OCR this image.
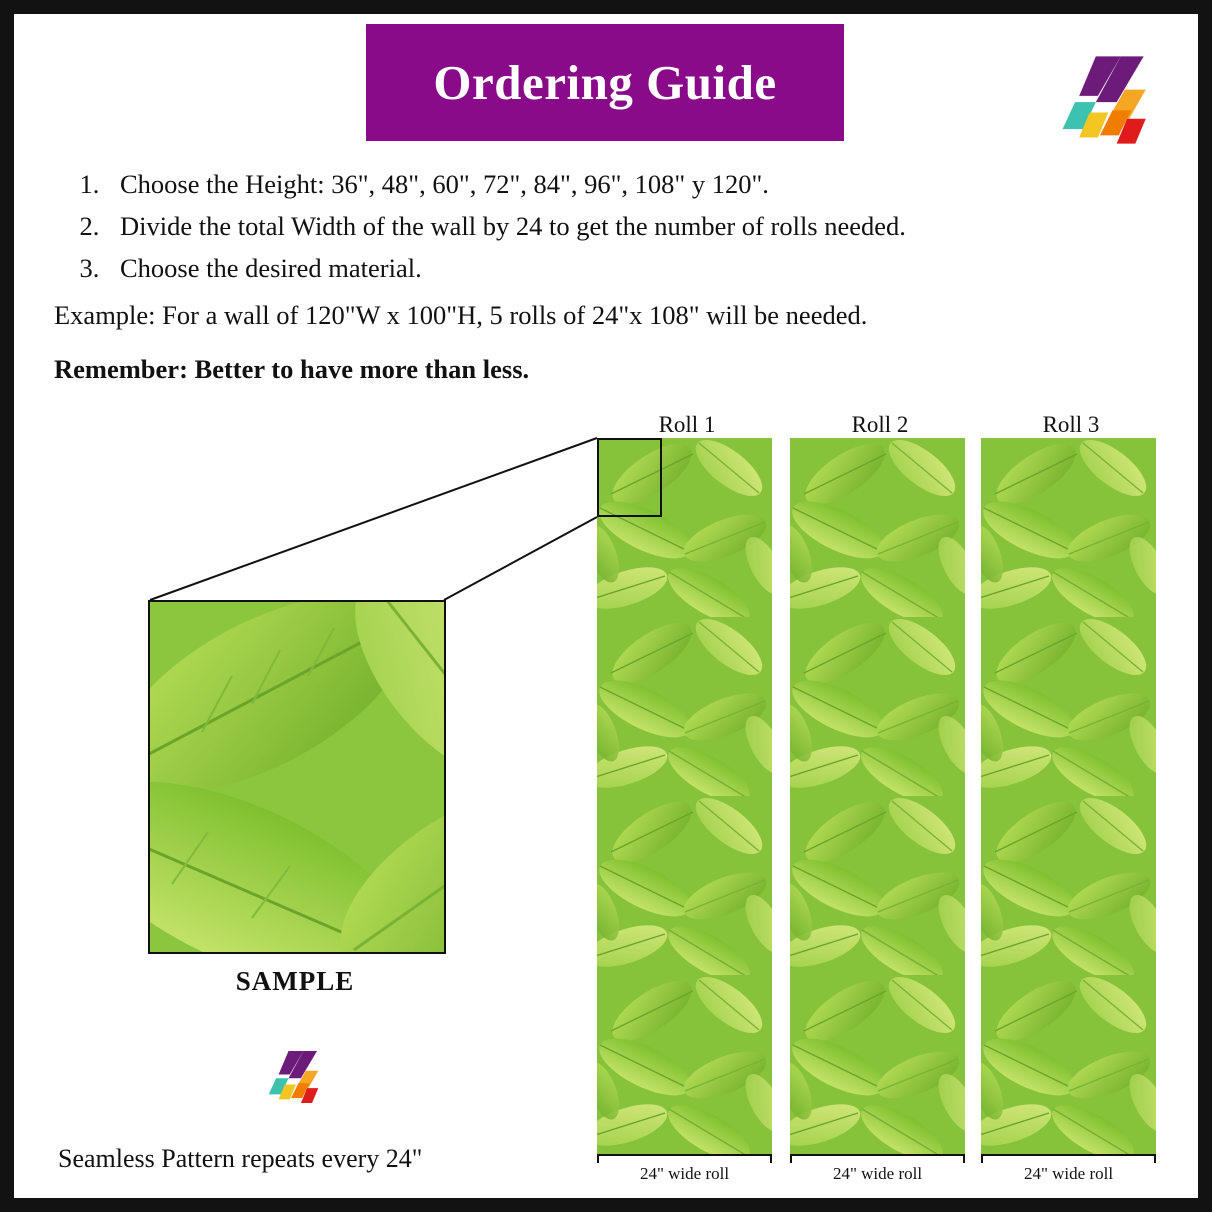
Ordering Guide
1. Choose the Height: 36", 48", 60", 72", 84", 96", 108" y 120".
2. Divide the total Width of the wall by 24 to get the number of rolls needed.
3. Choose the desired material.
Example: For a wall of 120"W x 100"H, 5 rolls of 24"x 108" will be needed.
Remember: Better to have more than less.
Roll 1	Roll 2	Roll 3
24" wide roll	24" wide roll	24" wide roll
SAMPLE
Seamless Pattern repeats every 24"
